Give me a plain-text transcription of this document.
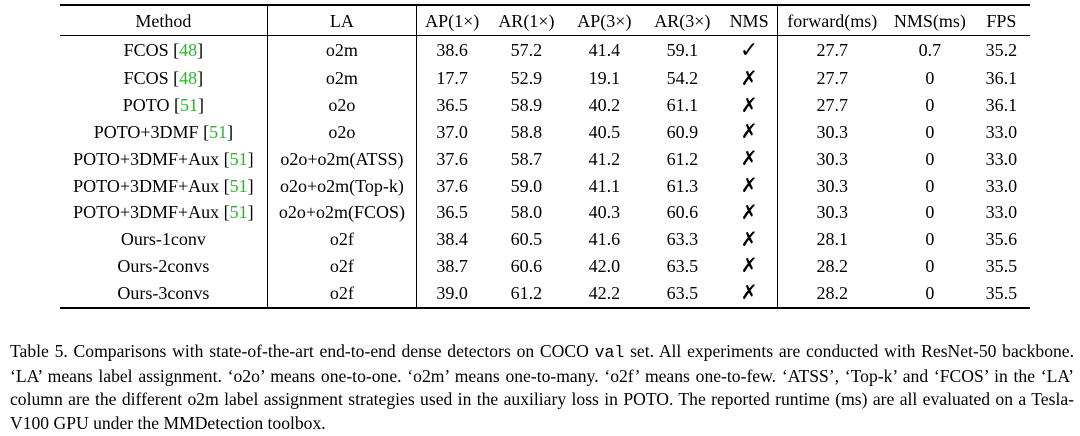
Method	LA	AP(1×)	AR(1×)	AP(3×)	AR(3×)	NMS	forward(ms)	NMS(ms)	FPS
FCOS [48]	o2m	38.6	57.2	41.4	59.1	✓	27.7	0.7	35.2
FCOS [48]	o2m	17.7	52.9	19.1	54.2	✗	27.7	0	36.1
POTO [51]	o2o	36.5	58.9	40.2	61.1	✗	27.7	0	36.1
POTO+3DMF [51]	o2o	37.0	58.8	40.5	60.9	✗	30.3	0	33.0
POTO+3DMF+Aux [51]	o2o+o2m(ATSS)	37.6	58.7	41.2	61.2	✗	30.3	0	33.0
POTO+3DMF+Aux [51]	o2o+o2m(Top-k)	37.6	59.0	41.1	61.3	✗	30.3	0	33.0
POTO+3DMF+Aux [51]	o2o+o2m(FCOS)	36.5	58.0	40.3	60.6	✗	30.3	0	33.0
Ours-1conv	o2f	38.4	60.5	41.6	63.3	✗	28.1	0	35.6
Ours-2convs	o2f	38.7	60.6	42.0	63.5	✗	28.2	0	35.5
Ours-3convs	o2f	39.0	61.2	42.2	63.5	✗	28.2	0	35.5
Table 5. Comparisons with state-of-the-art end-to-end dense detectors on COCO val set. All experiments are conducted with ResNet-50 backbone. ‘LA’ means label assignment. ‘o2o’ means one-to-one. ‘o2m’ means one-to-many. ‘o2f’ means one-to-few. ‘ATSS’, ‘Top-k’ and ‘FCOS’ in the ‘LA’ column are the different o2m label assignment strategies used in the auxiliary loss in POTO. The reported runtime (ms) are all evaluated on a Tesla-V100 GPU under the MMDetection toolbox.
